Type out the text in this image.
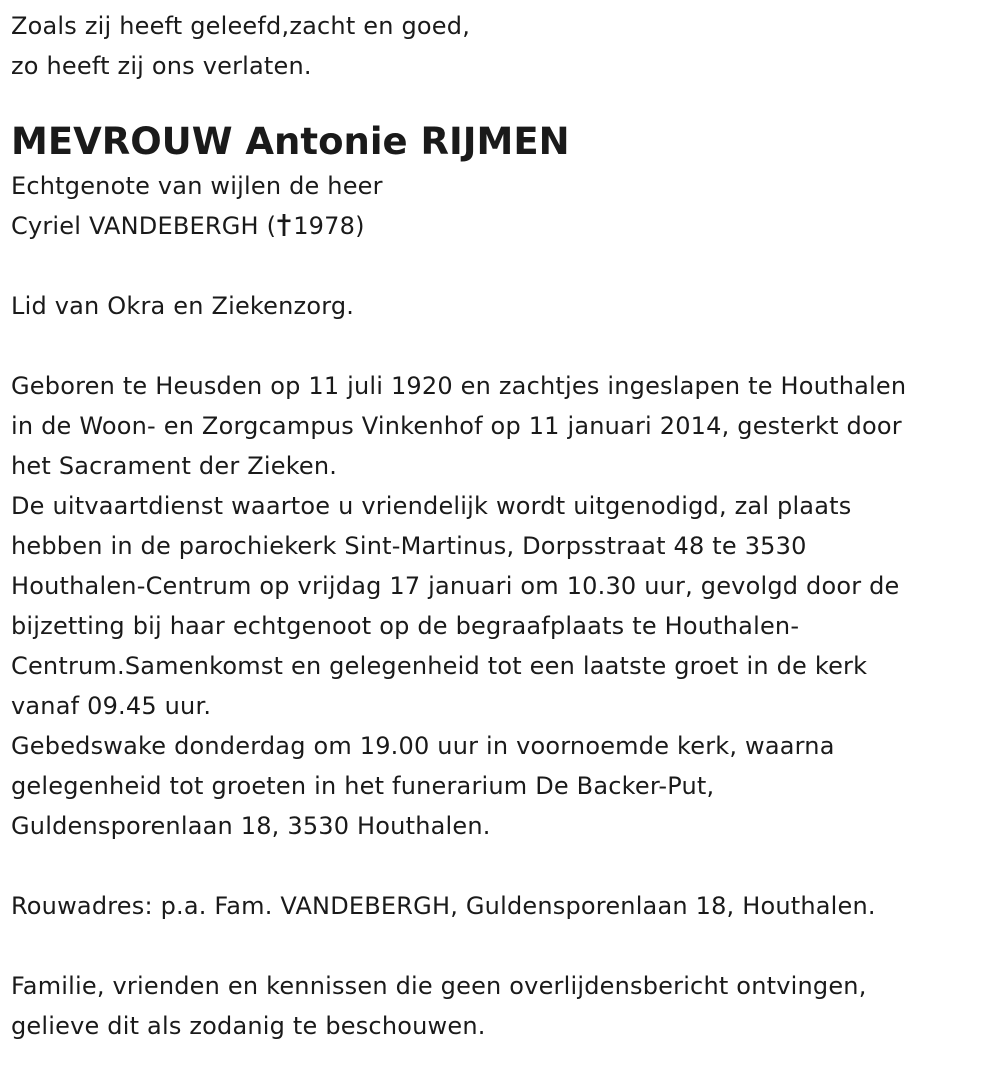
Zoals zij heeft geleefd,zacht en goed,
zo heeft zij ons verlaten.
MEVROUW Antonie RIJMEN
Echtgenote van wijlen de heer
Cyriel VANDEBERGH ( 1978)
Lid van Okra en Ziekenzorg.
Geboren te Heusden op 11 juli 1920 en zachtjes ingeslapen te Houthalen
in de Woon- en Zorgcampus Vinkenhof op 11 januari 2014, gesterkt door
het Sacrament der Zieken.
De uitvaartdienst waartoe u vriendelijk wordt uitgenodigd, zal plaats
hebben in de parochiekerk Sint-Martinus, Dorpsstraat 48 te 3530
Houthalen-Centrum op vrijdag 17 januari om 10.30 uur, gevolgd door de
bijzetting bij haar echtgenoot op de begraafplaats te Houthalen-
Centrum.Samenkomst en gelegenheid tot een laatste groet in de kerk
vanaf 09.45 uur.
Gebedswake donderdag om 19.00 uur in voornoemde kerk, waarna
gelegenheid tot groeten in het funerarium De Backer-Put,
Guldensporenlaan 18, 3530 Houthalen.
Rouwadres: p.a. Fam. VANDEBERGH, Guldensporenlaan 18, Houthalen.
Familie, vrienden en kennissen die geen overlijdensbericht ontvingen,
gelieve dit als zodanig te beschouwen.
